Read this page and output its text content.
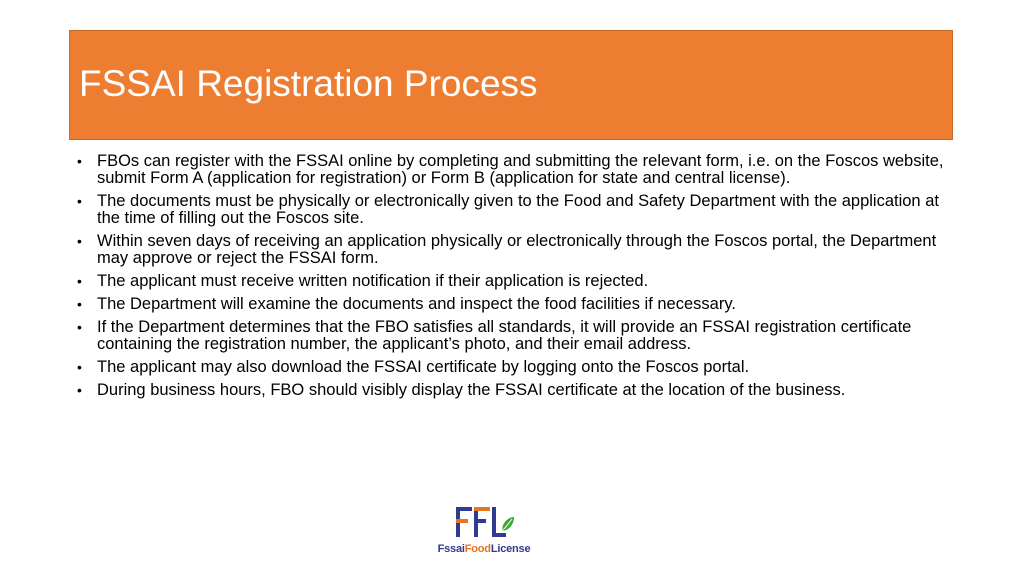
FSSAI Registration Process
• FBOs can register with the FSSAI online by completing and submitting the relevant form, i.e. on the Foscos website, submit Form A (application for registration) or Form B (application for state and central license).
• The documents must be physically or electronically given to the Food and Safety Department with the application at the time of filling out the Foscos site.
• Within seven days of receiving an application physically or electronically through the Foscos portal, the Department may approve or reject the FSSAI form.
• The applicant must receive written notification if their application is rejected.
• The Department will examine the documents and inspect the food facilities if necessary.
• If the Department determines that the FBO satisfies all standards, it will provide an FSSAI registration certificate containing the registration number, the applicant’s photo, and their email address.
• The applicant may also download the FSSAI certificate by logging onto the Foscos portal.
• During business hours, FBO should visibly display the FSSAI certificate at the location of the business.
FssaiFoodLicense
